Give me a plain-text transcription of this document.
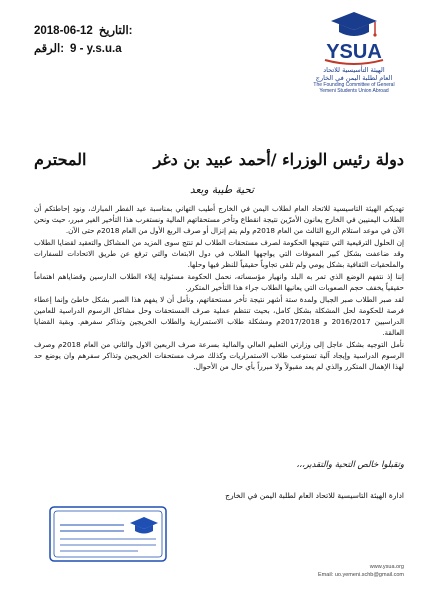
2018-06-12 :التاريخ
:الرقم 9 - y.s.u.a	YSUA
الهيئة التأسيسية للاتحاد
العام لطلبة اليمن في الخارج
The Founding Committee of General
Yemeni Students Union Abroad
دولة رئيس الوزراء /أحمد عبيد بن دغر
المحترم
تحية طيبة وبعد

تهديكم الهيئة التاسيسية للاتحاد العام لطلاب اليمن في الخارج أطيب التهاني بمناسبة عيد الفطر المبارك، ونود إحاطتكم أن الطلاب اليمنيين في الخارج يعانون الأمرّين نتيجة انقطاع وتأخر مستحقاتهم المالية ونستغرب هذا التأخير الغير مبرر، حيث ونحن الآن في موعد استلام الربع الثالث من العام 2018م ولم يتم إنزال أو صرف الربع الأول من العام 2018م حتى الآن.

إن الحلول الترقيعية التي تنتهجها الحكومة لصرف مستحقات الطلاب لم تنتج سوى المزيد من المشاكل والتعقيد لقضايا الطلاب وقد ضاعفت بشكل كبير المعوقات التي يواجهها الطلاب في دول الابتعاث والتي ترفع عن طريق الاتحادات للسفارات والملحقيات الثقافية بشكل يومي ولم تلقى تجاوباً حقيقياً للنظر فيها وحلها.

إننا إذ نتفهم الوضع الذي تمر به البلد وانهيار مؤسساته، نحمل الحكومة مسئولية إيلاء الطلاب الدارسين وقضاياهم اهتماماً حقيقياً يخفف حجم الصعوبات التي يعانيها الطلاب جراء هذا التأخير المتكرر.

لقد صبر الطلاب صبر الجبال ولمدة ستة أشهر نتيجة تأخر مستحقاتهم، ونأمل أن لا يفهم هذا الصبر بشكل خاطئ وإنما إعطاء فرصة للحكومة لحل المشكلة بشكل كامل، بحيث تنتظم عملية صرف المستحقات وحل مشاكل الرسوم الدراسية للعامين الدراسيين 2016/2017 و 2017/2018م ومشكلة طلاب الاستمرارية والطلاب الخريجين وتذاكر سفرهم. وبقية القضايا العالقة.

نأمل التوجيه بشكل عاجل إلى وزارتي التعليم العالي والمالية بسرعة صرف الربعين الاول والثاني من العام 2018م وصرف الرسوم الدراسية وإيجاد آلية تستوعب طلاب الاستمراريات وكذلك صرف مستحقات الخريجين وتذاكر سفرهم وان يوضع حد لهذا الإهمال المتكرر والذي لم يعد مقبولاً ولا مبرراً بأي حال من الأحوال.

وتقبلوا خالص التحية والتقدير،،،
ادارة الهيئة التاسيسية للاتحاد العام لطلبة اليمن في الخارج
www.ysua.org
Email: uo.yemeni.schb@gmail.com
